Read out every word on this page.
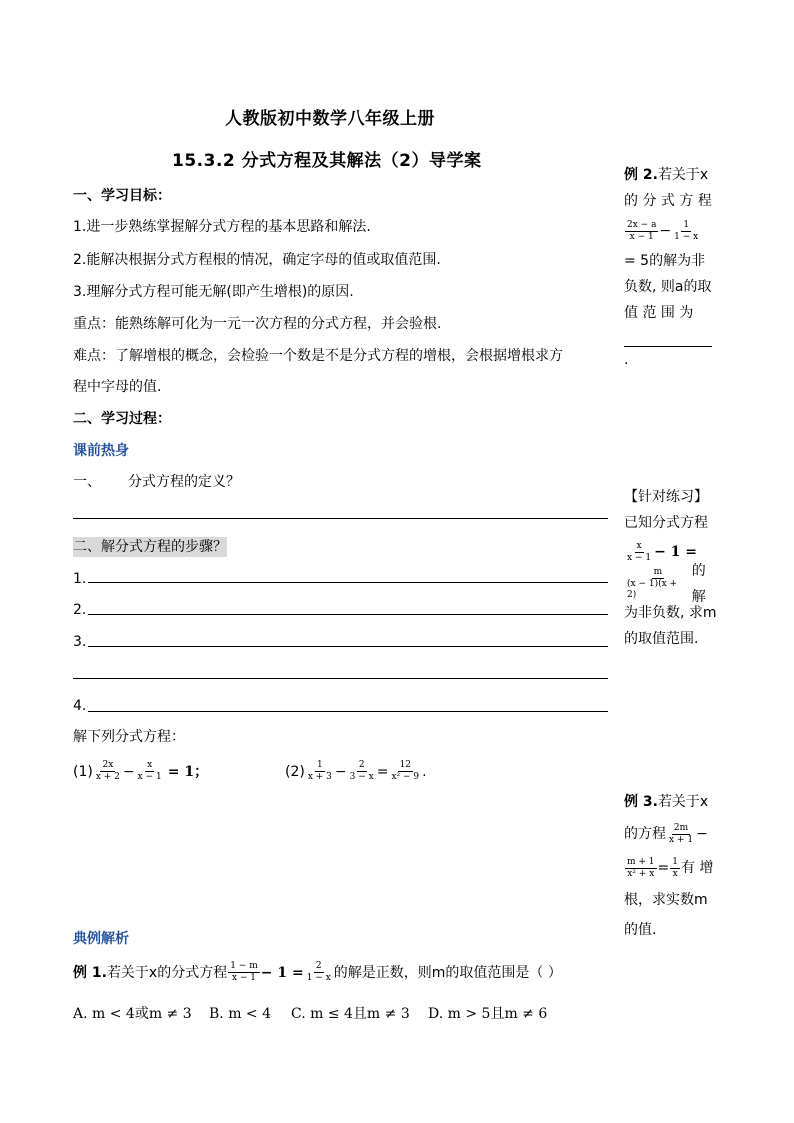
人教版初中数学八年级上册
15.3.2 分式方程及其解法（2）导学案
一、学习目标：
1.进一步熟练掌握解分式方程的基本思路和解法.
2.能解决根据分式方程根的情况，确定字母的值或取值范围.
3.理解分式方程可能无解(即产生增根)的原因.
重点：能熟练解可化为一元一次方程的分式方程，并会验根.
难点：了解增根的概念，会检验一个数是不是分式方程的增根，会根据增根求方
程中字母的值.
二、学习过程：
课前热身
一、 分式方程的定义？
二、解分式方程的步骤？
1.
2.
3.
4.
解下列分式方程：
$(1) \frac{2x}{x + 2} - \frac{x}{x - 1} = 1$；	$(2) \frac{1}{x + 3} - \frac{2}{3 - x} = \frac{12}{\text{x² − 9}}$ .
典例解析
例 1. 若关于x的分式方程 $\frac{1 - m}{x - 1} - 1 = \frac{2}{1 - x}$ 的解是正数，则m的取值范围是（ ）
A. m < 4或m ≠ 3 B. m < 4 C. m ≤ 4且m ≠ 3 D. m > 5且m ≠ 6
例 2.若关于x
的 分 式 方 程
$\frac{2x - a}{x - 1} - \frac{1}{1 - x}$
= 5的解为非
负数, 则a的取
值 范 围 为
.
【针对练习】
已知分式方程
$\frac{x}{x - 1} - 1$ =
$\frac{m}{(x - 1)(x + 2)}$ 的 解
为非负数, 求m
的取值范围.
例 3.若关于x
的方程 $\frac{2m}{x + 1}$ −
$\frac{m + 1}{\text{x² + x}} = \frac{1}{x}$ 有 增
根，求实数m
的值.
